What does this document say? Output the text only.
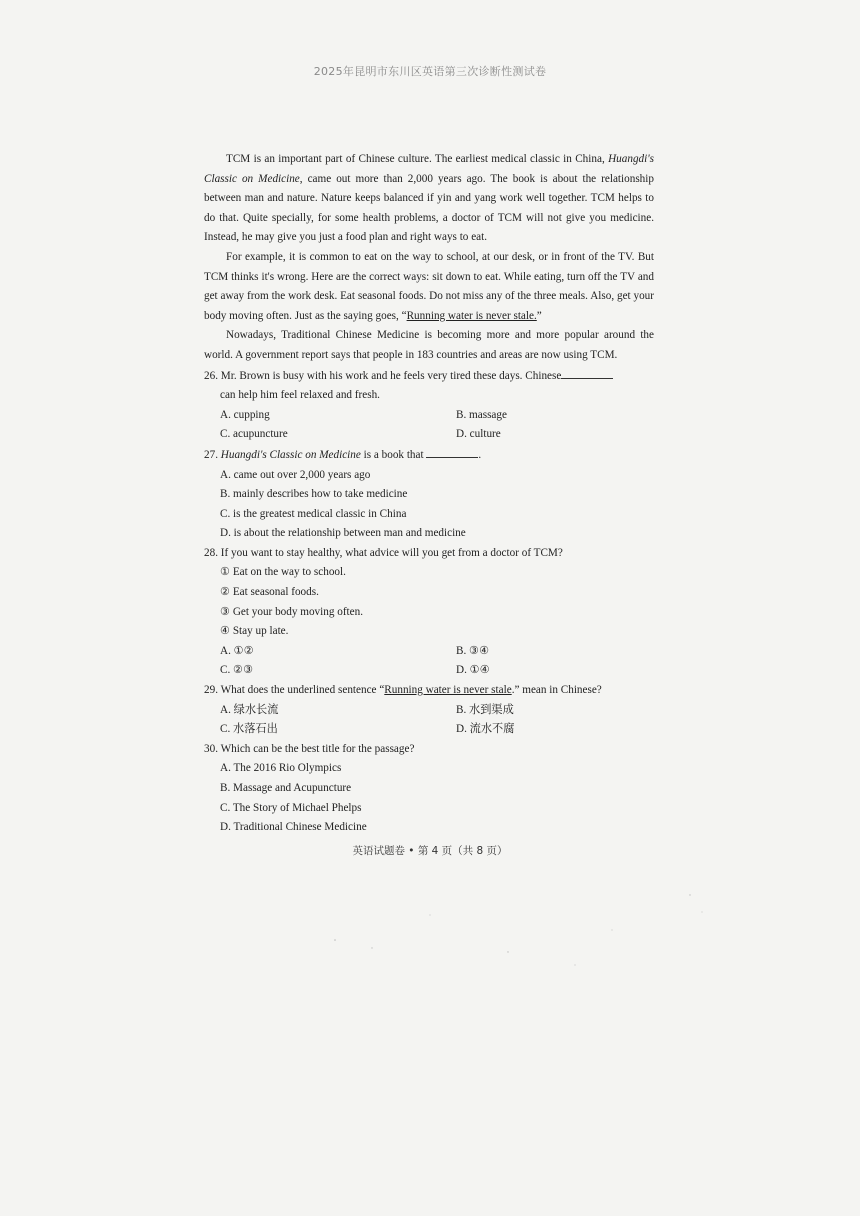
2025年昆明市东川区英语第三次诊断性测试卷

TCM is an important part of Chinese culture. The earliest medical classic in China, Huangdi's Classic on Medicine, came out more than 2,000 years ago. The book is about the relationship between man and nature. Nature keeps balanced if yin and yang work well together. TCM helps to do that. Quite specially, for some health problems, a doctor of TCM will not give you medicine. Instead, he may give you just a food plan and right ways to eat.

For example, it is common to eat on the way to school, at our desk, or in front of the TV. But TCM thinks it's wrong. Here are the correct ways: sit down to eat. While eating, turn off the TV and get away from the work desk. Eat seasonal foods. Do not miss any of the three meals. Also, get your body moving often. Just as the saying goes, “Running water is never stale.”

Nowadays, Traditional Chinese Medicine is becoming more and more popular around the world. A government report says that people in 183 countries and areas are now using TCM.

26. Mr. Brown is busy with his work and he feels very tired these days. Chinese

can help him feel relaxed and fresh.

A. cupping	B. massage

C. acupuncture	D. culture

27. Huangdi's Classic on Medicine is a book that	.

A. came out over 2,000 years ago

B. mainly describes how to take medicine

C. is the greatest medical classic in China

D. is about the relationship between man and medicine

28. If you want to stay healthy, what advice will you get from a doctor of TCM?

① Eat on the way to school.

② Eat seasonal foods.

③ Get your body moving often.

④ Stay up late.

A. ①②	B. ③④

C. ②③	D. ①④

29. What does the underlined sentence “Running water is never stale.” mean in Chinese?

A. 绿水长流	B. 水到渠成

C. 水落石出	D. 流水不腐

30. Which can be the best title for the passage?

A. The 2016 Rio Olympics

B. Massage and Acupuncture

C. The Story of Michael Phelps

D. Traditional Chinese Medicine

英语试题卷 • 第 4 页（共 8 页）
